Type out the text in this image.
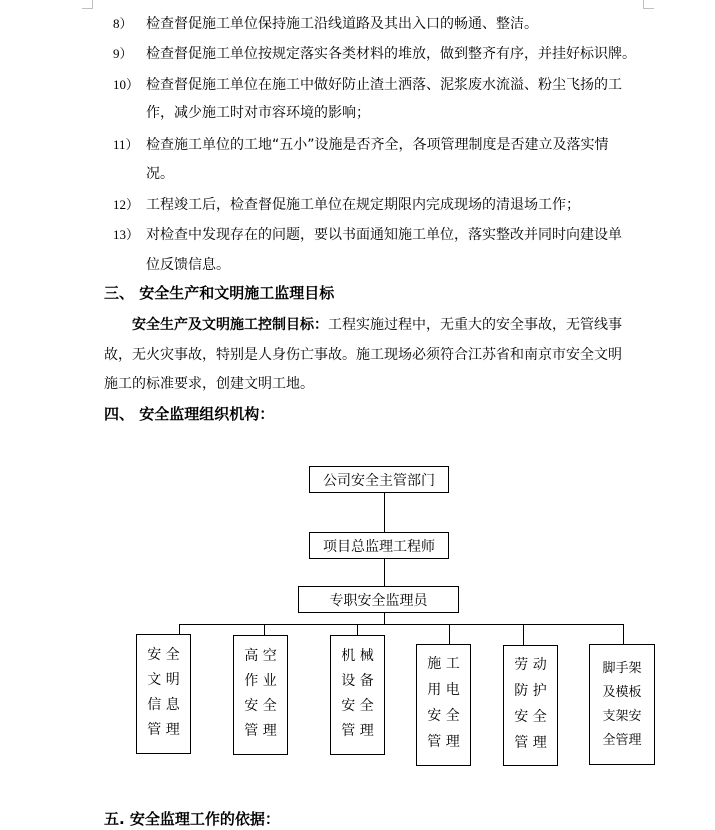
8） 检查督促施工单位保持施工沿线道路及其出入口的畅通、整洁。
9） 检查督促施工单位按规定落实各类材料的堆放，做到整齐有序，并挂好标识牌。
10） 检查督促施工单位在施工中做好防止渣土洒落、泥浆废水流溢、粉尘飞扬的工
作，减少施工时对市容环境的影响；
11） 检查施工单位的工地“五小”设施是否齐全，各项管理制度是否建立及落实情
况。
12） 工程竣工后，检查督促施工单位在规定期限内完成现场的清退场工作；
13） 对检查中发现存在的问题，要以书面通知施工单位，落实整改并同时向建设单
位反馈信息。
三、 安全生产和文明施工监理目标
安全生产及文明施工控制目标：工程实施过程中，无重大的安全事故，无管线事
故，无火灾事故，特别是人身伤亡事故。施工现场必须符合江苏省和南京市安全文明
施工的标准要求，创建文明工地。
四、 安全监理组织机构：
公司安全主管部门
项目总监理工程师
专职安全监理员
安 全
文 明
信 息
管 理
高 空
作 业
安 全
管 理
机 械
设 备
安 全
管 理
施 工
用 电
安 全
管 理
劳 动
防 护
安 全
管 理
脚手架
及模板
支架安
全管理
五. 安全监理工作的依据：
